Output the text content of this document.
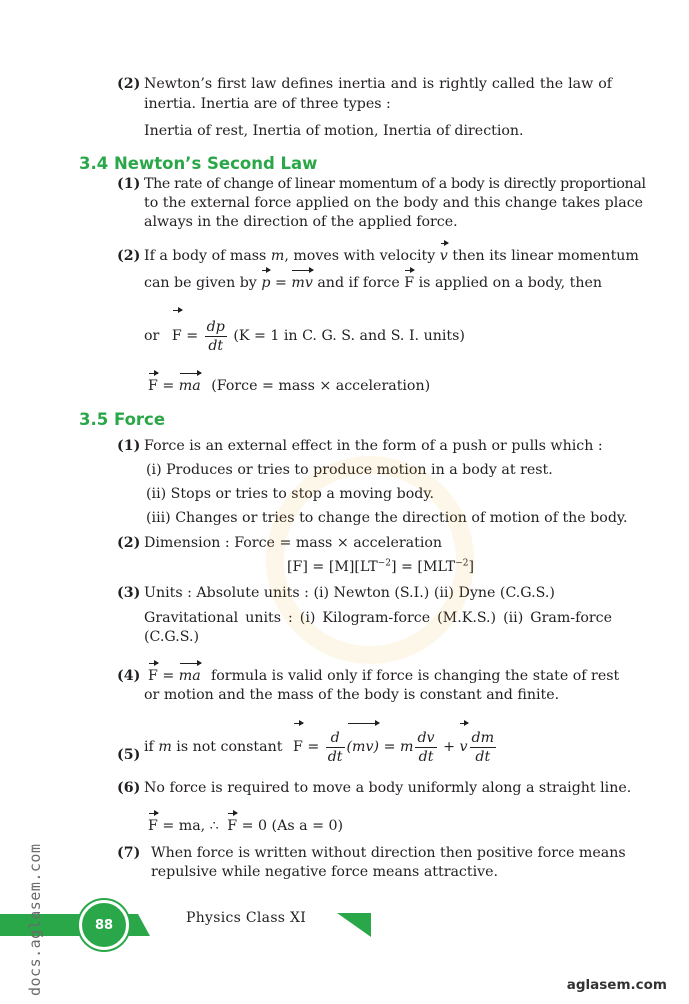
(2) Newton’s first law defines inertia and is rightly called the law of
inertia. Inertia are of three types :
Inertia of rest, Inertia of motion, Inertia of direction.
3.4 Newton’s Second Law
(1) The rate of change of linear momentum of a body is directly proportional
to the external force applied on the body and this change takes place
always in the direction of the applied force.
(2) If a body of mass m, moves with velocity v then its linear momentum
can be given by p = mv and if force F is applied on a body, then
or $F = \frac{dp}{dt} (K = 1$ in C. G. S. and S. I. units)
F = ma (Force = mass × acceleration)
3.5 Force
(1) Force is an external effect in the form of a push or pulls which :
(i) Produces or tries to produce motion in a body at rest.
(ii) Stops or tries to stop a moving body.
(iii) Changes or tries to change the direction of motion of the body.
(2) Dimension : Force = mass × acceleration
$[F] = [M][LT^{-2}] = [MLT^{-2}]$
(3) Units : Absolute units : (i) Newton (S.I.) (ii) Dyne (C.G.S.)
Gravitational units : (i) Kilogram-force (M.K.S.) (ii) Gram-force
(C.G.S.)
(4) F = ma formula is valid only if force is changing the state of rest
or motion and the mass of the body is constant and finite.
(5) if m is not constant $F = \frac{d}{dt} (mv) = m \frac{dv}{dt} + v \frac{dm}{dt}$
(6) No force is required to move a body uniformly along a straight line.
F = ma, ∴ F = 0 (As a = 0)
(7) When force is written without direction then positive force means
repulsive while negative force means attractive.
88	Physics Class XI
docs.aglasem.com	aglasem.com
